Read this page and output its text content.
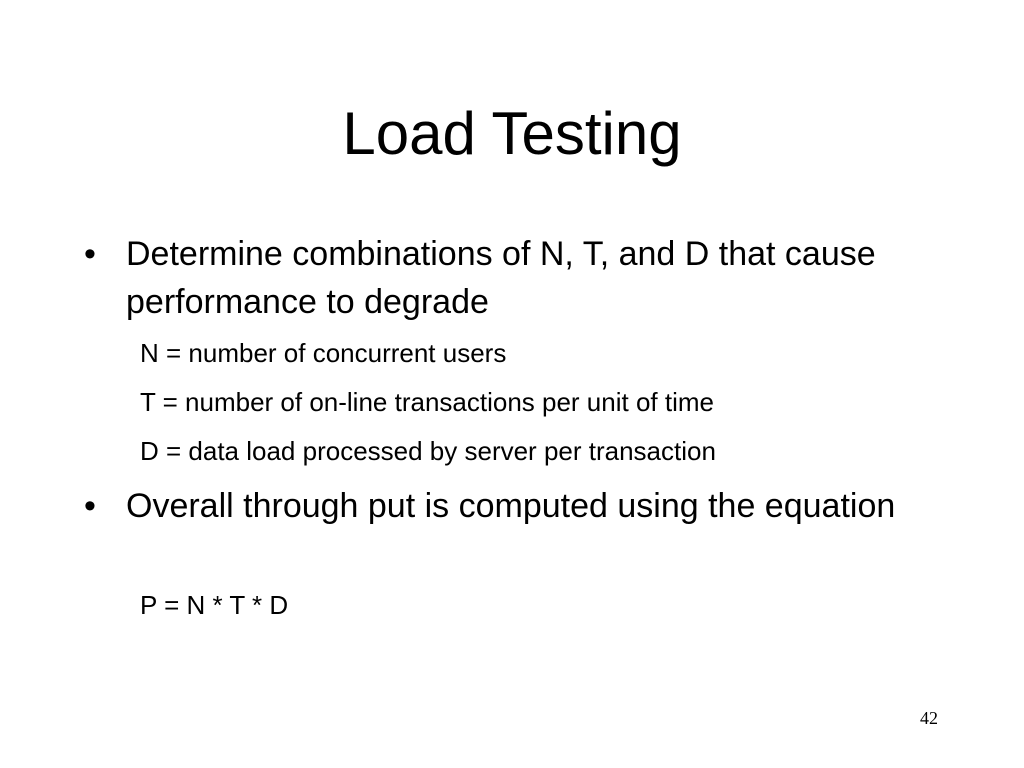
Load Testing
• Determine combinations of N, T, and D that cause performance to degrade
N = number of concurrent users
T = number of on-line transactions per unit of time
D = data load processed by server per transaction
• Overall through put is computed using the equation
P = N * T * D
42
